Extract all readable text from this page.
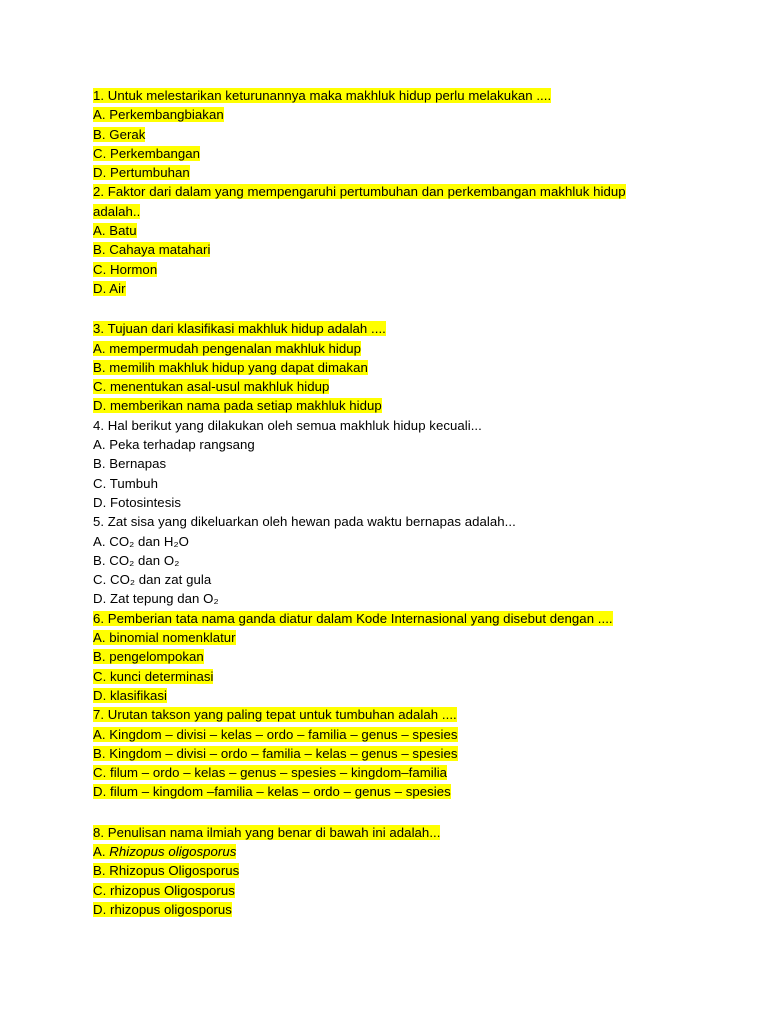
1. Untuk melestarikan keturunannya maka makhluk hidup perlu melakukan ....
A. Perkembangbiakan
B. Gerak
C. Perkembangan
D. Pertumbuhan
2. Faktor dari dalam yang mempengaruhi pertumbuhan dan perkembangan makhluk hidup
adalah..
A. Batu
B. Cahaya matahari
C. Hormon
D. Air
3. Tujuan dari klasifikasi makhluk hidup adalah ....
A. mempermudah pengenalan makhluk hidup
B. memilih makhluk hidup yang dapat dimakan
C. menentukan asal-usul makhluk hidup
D. memberikan nama pada setiap makhluk hidup
4. Hal berikut yang dilakukan oleh semua makhluk hidup kecuali...
A. Peka terhadap rangsang
B. Bernapas
C. Tumbuh
D. Fotosintesis
5. Zat sisa yang dikeluarkan oleh hewan pada waktu bernapas adalah...
A. CO₂ dan H₂O
B. CO₂ dan O₂
C. CO₂ dan zat gula
D. Zat tepung dan O₂
6. Pemberian tata nama ganda diatur dalam Kode Internasional yang disebut dengan ....
A. binomial nomenklatur
B. pengelompokan
C. kunci determinasi
D. klasifikasi
7. Urutan takson yang paling tepat untuk tumbuhan adalah ....
A. Kingdom – divisi – kelas – ordo – familia – genus – spesies
B. Kingdom – divisi – ordo – familia – kelas – genus – spesies
C. filum – ordo – kelas – genus – spesies – kingdom–familia
D. filum – kingdom –familia – kelas – ordo – genus – spesies
8. Penulisan nama ilmiah yang benar di bawah ini adalah...
A. Rhizopus oligosporus
B. Rhizopus Oligosporus
C. rhizopus Oligosporus
D. rhizopus oligosporus
